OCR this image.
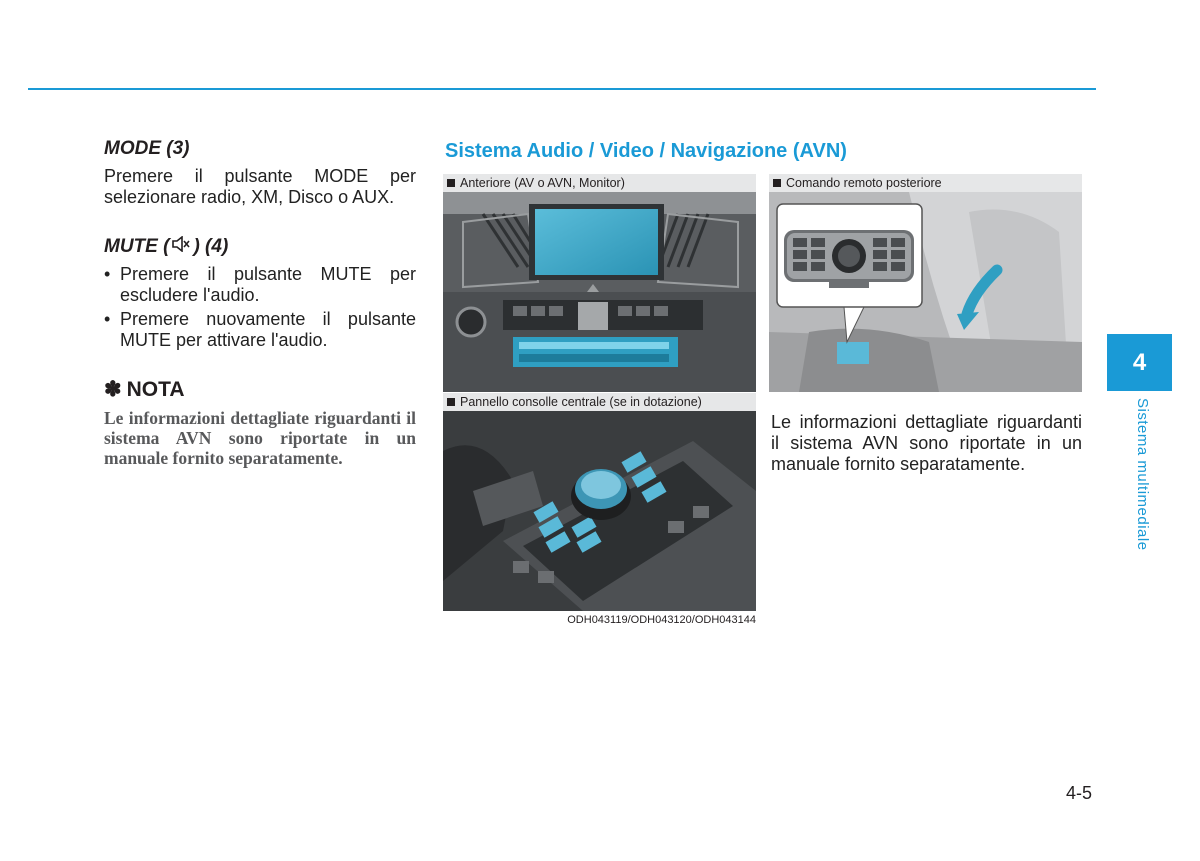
MODE (3)
Premere il pulsante MODE per selezionare radio, XM, Disco o AUX.
MUTE ( ) (4)
• Premere il pulsante MUTE per escludere l'audio.
• Premere nuovamente il pulsante MUTE per attivare l'audio.
✽ NOTA
Le informazioni dettagliate riguardanti il sistema AVN sono riportate in un manuale fornito separatamente.
Sistema Audio / Video / Navigazione (AVN)
Anteriore (AV o AVN, Monitor)
Pannello consolle centrale (se in dotazione)
Comando remoto posteriore
ODH043119/ODH043120/ODH043144
Le informazioni dettagliate riguardanti il sistema AVN sono riportate in un manuale fornito separatamente.
4
Sistema multimediale
4-5
